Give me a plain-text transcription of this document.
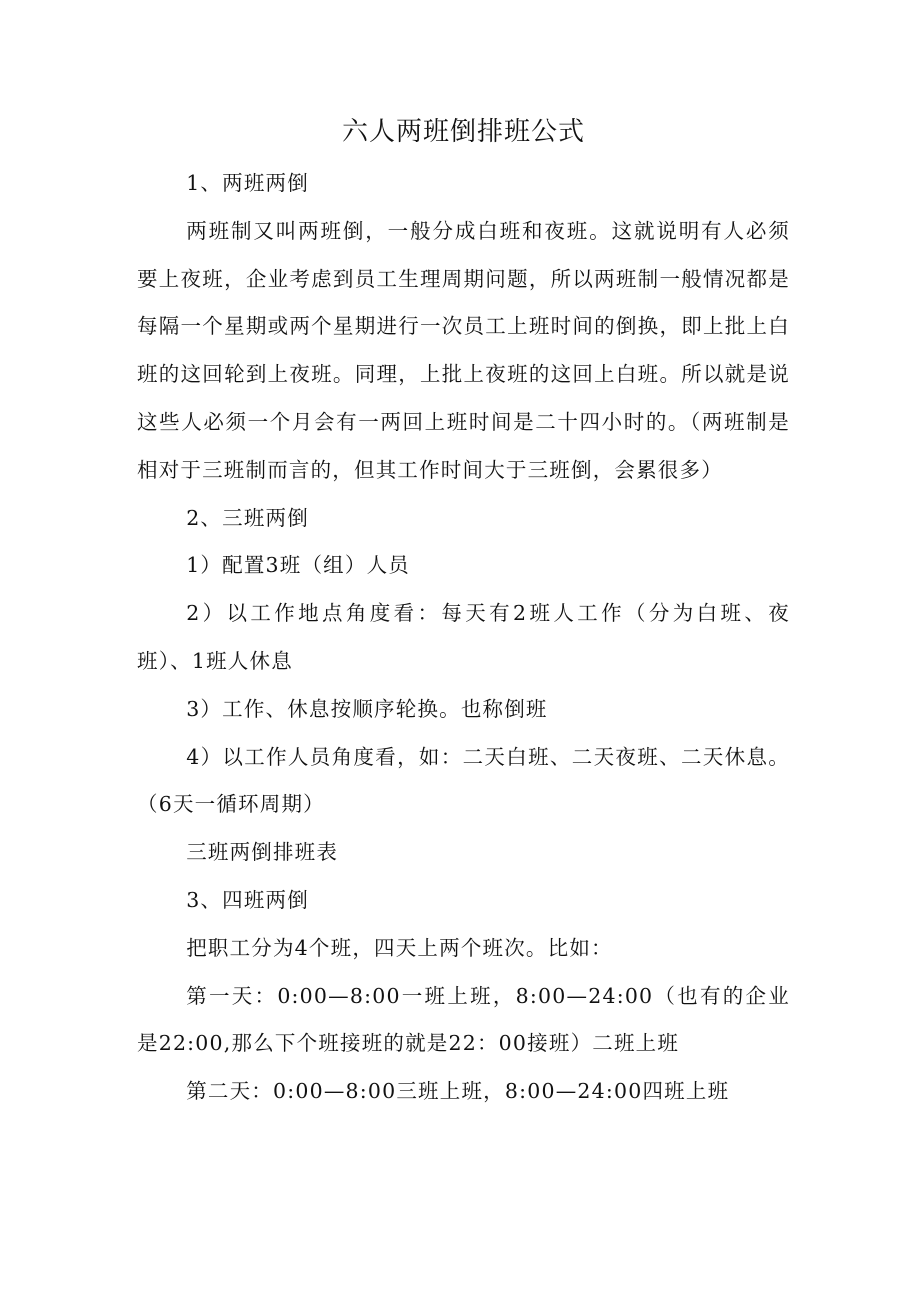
六人两班倒排班公式

1、两班两倒

两班制又叫两班倒，一般分成白班和夜班。这就说明有人必须要上夜班，企业考虑到员工生理周期问题，所以两班制一般情况都是每隔一个星期或两个星期进行一次员工上班时间的倒换，即上批上白班的这回轮到上夜班。同理，上批上夜班的这回上白班。所以就是说这些人必须一个月会有一两回上班时间是二十四小时的。（两班制是相对于三班制而言的，但其工作时间大于三班倒，会累很多）

2、三班两倒

1）配置3班（组）人员

2）以工作地点角度看：每天有2班人工作（分为白班、夜班）、1班人休息

3）工作、休息按顺序轮换。也称倒班

4）以工作人员角度看，如：二天白班、二天夜班、二天休息。（6天一循环周期）

三班两倒排班表

3、四班两倒

把职工分为4个班，四天上两个班次。比如：

第一天：0:00—8:00一班上班，8:00—24:00（也有的企业是22:00,那么下个班接班的就是22：00接班）二班上班

第二天：0:00—8:00三班上班，8:00—24:00四班上班
